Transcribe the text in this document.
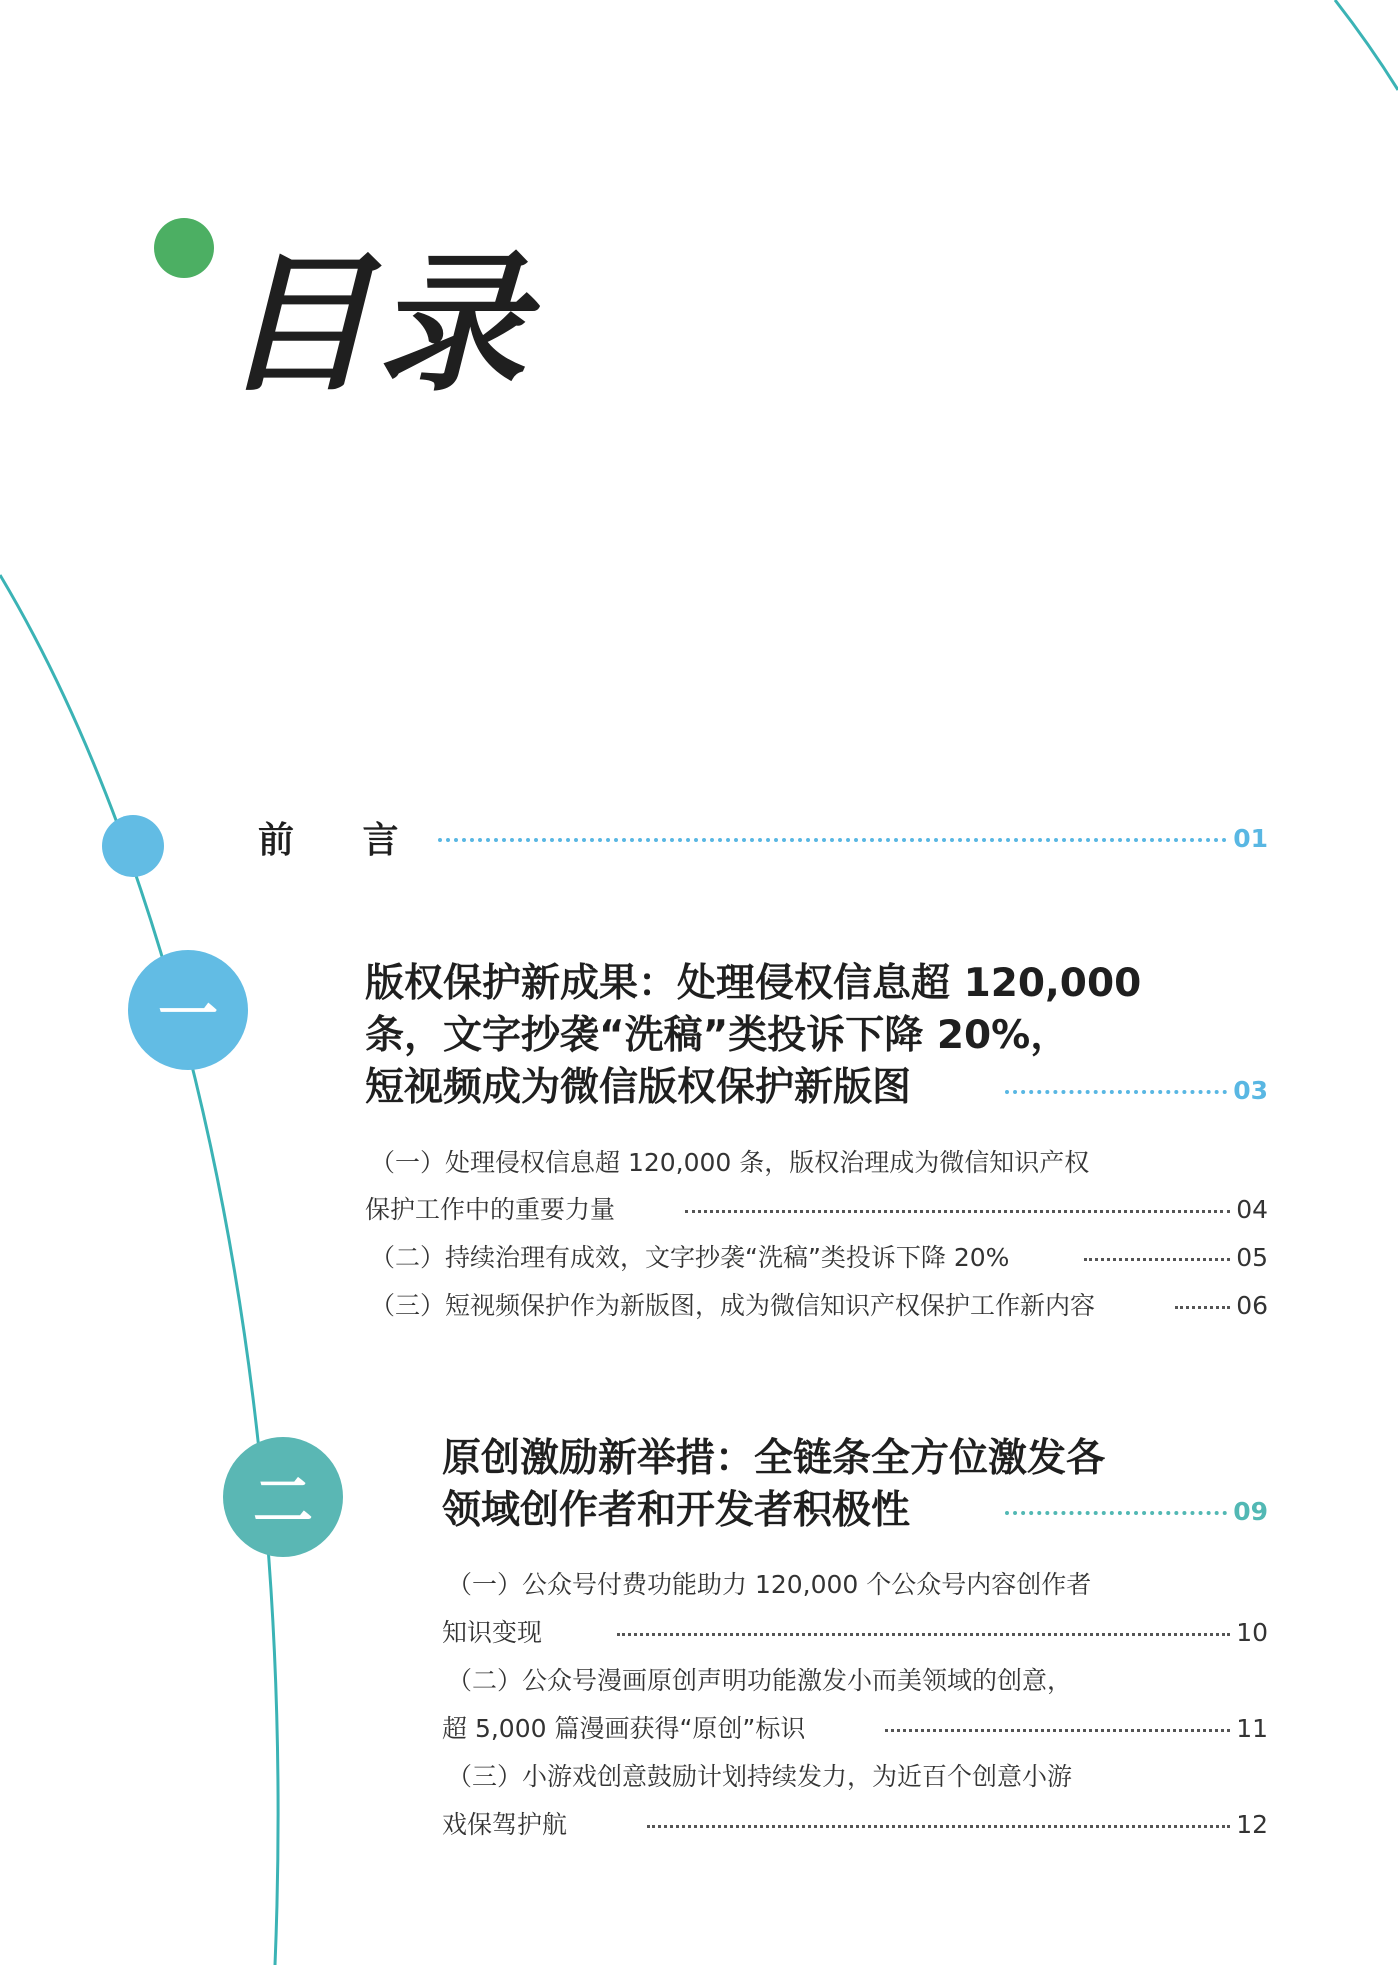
目录
前 言	01
一	版权保护新成果：处理侵权信息超 120,000
条，文字抄袭“洗稿”类投诉下降 20%，
短视频成为微信版权保护新版图	03
（一）处理侵权信息超 120,000 条，版权治理成为微信知识产权
保护工作中的重要力量	04
（二）持续治理有成效，文字抄袭“洗稿”类投诉下降 20%	05
（三）短视频保护作为新版图，成为微信知识产权保护工作新内容	06
二
原创激励新举措：全链条全方位激发各
领域创作者和开发者积极性	09
（一）公众号付费功能助力 120,000 个公众号内容创作者
知识变现	10
（二）公众号漫画原创声明功能激发小而美领域的创意，
超 5,000 篇漫画获得“原创”标识	11
（三）小游戏创意鼓励计划持续发力，为近百个创意小游
戏保驾护航	12
